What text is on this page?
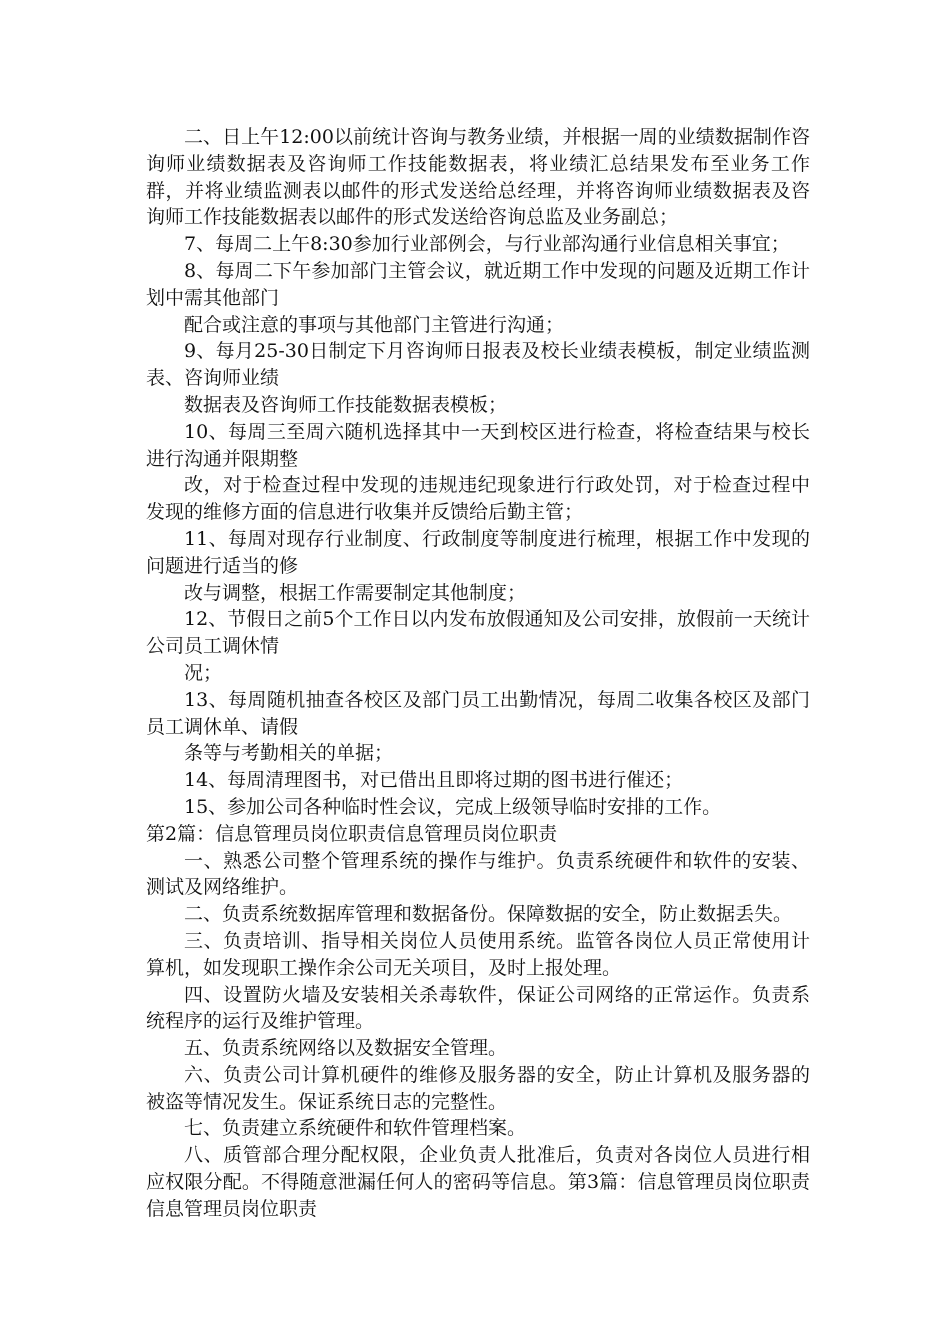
二、日上午12:00以前统计咨询与教务业绩，并根据一周的业绩数据制作咨询师业绩数据表及咨询师工作技能数据表，将业绩汇总结果发布至业务工作群，并将业绩监测表以邮件的形式发送给总经理，并将咨询师业绩数据表及咨询师工作技能数据表以邮件的形式发送给咨询总监及业务副总；

7、每周二上午8:30参加行业部例会，与行业部沟通行业信息相关事宜；

8、每周二下午参加部门主管会议，就近期工作中发现的问题及近期工作计划中需其他部门

配合或注意的事项与其他部门主管进行沟通；

9、每月25-30日制定下月咨询师日报表及校长业绩表模板，制定业绩监测表、咨询师业绩

数据表及咨询师工作技能数据表模板；

10、每周三至周六随机选择其中一天到校区进行检查，将检查结果与校长进行沟通并限期整

改，对于检查过程中发现的违规违纪现象进行行政处罚，对于检查过程中发现的维修方面的信息进行收集并反馈给后勤主管；

11、每周对现存行业制度、行政制度等制度进行梳理，根据工作中发现的问题进行适当的修

改与调整，根据工作需要制定其他制度；

12、节假日之前5个工作日以内发布放假通知及公司安排，放假前一天统计公司员工调休情

况；

13、每周随机抽查各校区及部门员工出勤情况，每周二收集各校区及部门员工调休单、请假

条等与考勤相关的单据；

14、每周清理图书，对已借出且即将过期的图书进行催还；

15、参加公司各种临时性会议，完成上级领导临时安排的工作。

第2篇：信息管理员岗位职责信息管理员岗位职责

一、熟悉公司整个管理系统的操作与维护。负责系统硬件和软件的安装、测试及网络维护。

二、负责系统数据库管理和数据备份。保障数据的安全，防止数据丢失。

三、负责培训、指导相关岗位人员使用系统。监管各岗位人员正常使用计算机，如发现职工操作余公司无关项目，及时上报处理。

四、设置防火墙及安装相关杀毒软件，保证公司网络的正常运作。负责系统程序的运行及维护管理。

五、负责系统网络以及数据安全管理。

六、负责公司计算机硬件的维修及服务器的安全，防止计算机及服务器的被盗等情况发生。保证系统日志的完整性。

七、负责建立系统硬件和软件管理档案。

八、质管部合理分配权限，企业负责人批准后，负责对各岗位人员进行相应权限分配。不得随意泄漏任何人的密码等信息。第3篇：信息管理员岗位职责信息管理员岗位职责
